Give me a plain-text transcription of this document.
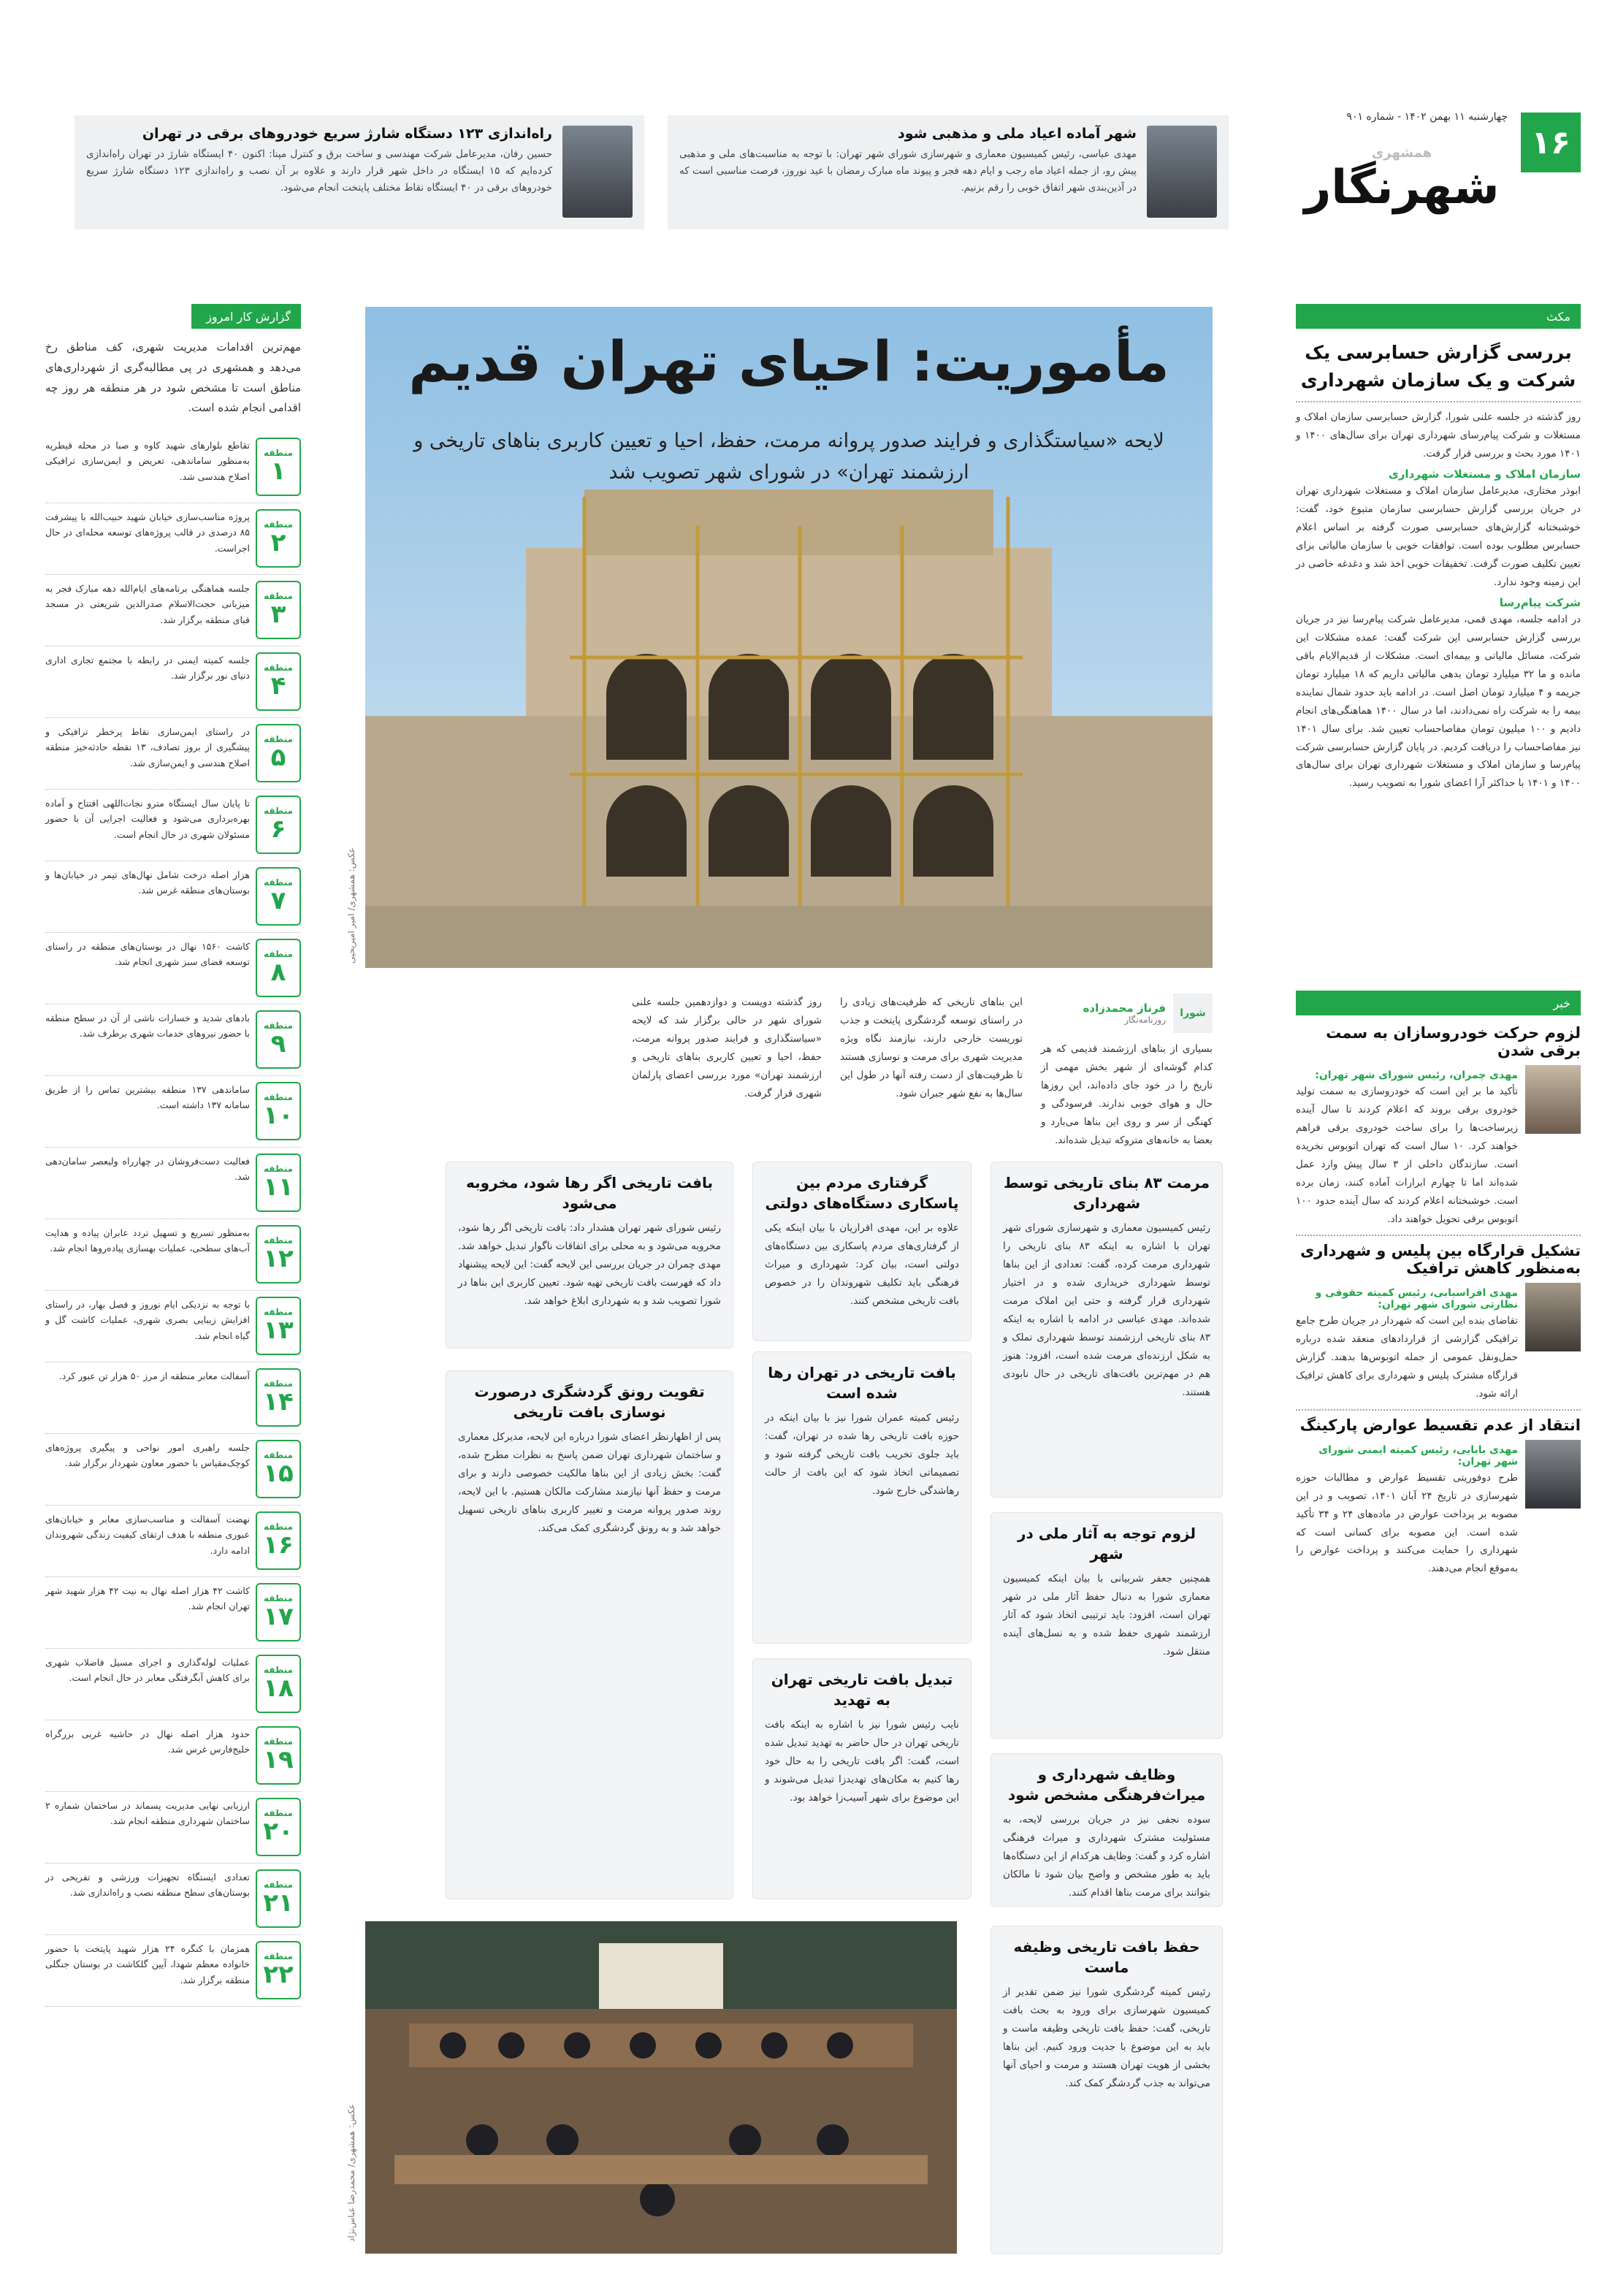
۱۶
چهارشنبه ۱۱ بهمن ۱۴۰۲ - شماره ۹۰۱
همشهری
شهرنگار
شهر آماده اعیاد ملی و مذهبی شود

مهدی عباسی، رئیس کمیسیون معماری و شهرسازی شورای شهر تهران: با توجه به مناسبت‌های ملی و مذهبی پیش رو، از جمله اعیاد ماه رجب و ایام دهه فجر و پیوند ماه مبارک رمضان با عید نوروز، فرصت مناسبی است که در آذین‌بندی شهر اتفاق خوبی را رقم بزنیم.

راه‌اندازی ۱۲۳ دستگاه شارژ سریع خودروهای برقی در تهران

حسین رفان، مدیرعامل شرکت مهندسی و ساخت برق و کنترل مپنا: اکنون ۴۰ ایستگاه شارژ در تهران راه‌اندازی کرده‌ایم که ۱۵ ایستگاه در داخل شهر قرار دارند و علاوه بر آن نصب و راه‌اندازی ۱۲۳ دستگاه شارژ سریع خودروهای برقی در ۴۰ ایستگاه نقاط مختلف پایتخت انجام می‌شود.

مکث
بررسی گزارش حسابرسی یک شرکت و یک سازمان شهرداری

روز گذشته در جلسه علنی شورا، گزارش حسابرسی سازمان املاک و مستغلات و شرکت پیام‌رسای شهرداری تهران برای سال‌های ۱۴۰۰ و ۱۴۰۱ مورد بحث و بررسی قرار گرفت.

سازمان املاک و مستغلات شهرداری

ابوذر مختاری، مدیرعامل سازمان املاک و مستغلات شهرداری تهران در جریان بررسی گزارش حسابرسی سازمان متبوع خود، گفت: خوشبختانه گزارش‌های حسابرسی صورت گرفته بر اساس اعلام حسابرس مطلوب بوده است. توافقات خوبی با سازمان مالیاتی برای تعیین تکلیف صورت گرفت. تخفیفات خوبی اخذ شد و دغدغه خاصی در این زمینه وجود ندارد.

شرکت پیام‌رسا

در ادامه جلسه، مهدی قمی، مدیرعامل شرکت پیام‌رسا نیز در جریان بررسی گزارش حسابرسی این شرکت گفت: عمده مشکلات این شرکت، مسائل مالیاتی و بیمه‌ای است. مشکلات از قدیم‌الایام باقی مانده و ما ۳۲ میلیارد تومان بدهی مالیاتی داریم که ۱۸ میلیارد تومان جریمه و ۴ میلیارد تومان اصل است. در ادامه باید حدود شمال نماینده بیمه را به شرکت راه نمی‌دادند، اما در سال ۱۴۰۰ هماهنگی‌های انجام دادیم و ۱۰۰ میلیون تومان مفاصاحساب تعیین شد. برای سال ۱۴۰۱ نیز مفاصاحساب را دریافت کردیم. در پایان گزارش حسابرسی شرکت پیام‌رسا و سازمان املاک و مستغلات شهرداری تهران برای سال‌های ۱۴۰۰ و ۱۴۰۱ با حداکثر آرا اعضای شورا به تصویب رسید.

خبر
لزوم حرکت خودروسازان به سمت برقی شدن
مهدی چمران، رئیس شورای شهر تهران:

تأکید ما بر این است که خودروسازی به سمت تولید خودروی برقی بروند که اعلام کردند تا سال آینده زیرساخت‌ها را برای ساخت خودروی برقی فراهم خواهند کرد. ۱۰ سال است که تهران اتوبوس نخریده است. سازندگان داخلی از ۳ سال پیش وارد عمل شده‌اند اما تا چهارم ابرارات آماده کنند، زمان برده است. خوشبختانه اعلام کردند که سال آینده حدود ۱۰۰ اتوبوس برقی تحویل خواهند داد.

تشکیل قرارگاه بین پلیس و شهرداری به‌منظور کاهش ترافیک
مهدی افراسیابی، رئیس کمیته حقوقی و نظارتی شورای شهر تهران:

تقاضای بنده این است که شهردار در جریان طرح جامع ترافیکی گزارشی از قرارداد‌های منعقد شده درباره حمل‌ونقل عمومی از جمله اتوبوس‌ها بدهند. گزارش قرارگاه مشترک پلیس و شهرداری برای کاهش ترافیک ارائه شود.

انتقاد از عدم تقسیط عوارض پارکینگ
مهدی بابایی، رئیس کمیته ایمنی شورای شهر تهران:

طرح دوفوریتی تقسیط عوارض و مطالبات حوزه شهرسازی در تاریخ ۲۴ آبان ۱۴۰۱، تصویب و در این مصوبه بر پرداخت عوارض در ماده‌های ۲۴ و ۳۴ تأکید شده است. این مصوبه برای کسانی است که شهرداری را حمایت می‌کنند و پرداخت عوارض را به‌موقع انجام می‌دهند.

مأموریت: احیای تهران قدیم
لایحه «سیاستگذاری و فرایند صدور پروانه مرمت، حفظ، احیا و تعیین کاربری بناهای تاریخی و ارزشمند تهران» در شورای شهر تصویب شد
عکس: همشهری/ امیر امیریحیی
شورا
فرناز محمدزاده
روزنامه‌نگار

بسیاری از بناهای ارزشمند قدیمی که هر کدام گوشه‌ای از شهر بخش مهمی از تاریخ را در خود جای داده‌اند، این روزها حال و هوای خوبی ندارند. فرسودگی و کهنگی از سر و روی این بناها می‌بارد و بعضا به خانه‌های متروکه تبدیل شده‌اند.

این بناهای تاریخی که ظرفیت‌های زیادی را در راستای توسعه گردشگری پایتخت و جذب توریست خارجی دارند، نیازمند نگاه ویژه مدیریت شهری برای مرمت و نوسازی هستند تا ظرفیت‌های از دست رفته آنها در طول این سال‌ها به نفع شهر جبران شود.

روز گذشته دویست و دوازدهمین جلسه علنی شورای شهر در حالی برگزار شد که لایحه «سیاستگذاری و فرایند صدور پروانه مرمت، حفظ، احیا و تعیین کاربری بناهای تاریخی و ارزشمند تهران» مورد بررسی اعضای پارلمان شهری قرار گرفت.

مرمت ۸۳ بنای تاریخی توسط شهرداری

رئیس کمیسیون معماری و شهرسازی شورای شهر تهران با اشاره به اینکه ۸۳ بنای تاریخی را شهرداری مرمت کرده، گفت: تعدادی از این بناها توسط شهرداری خریداری شده و در اختیار شهرداری قرار گرفته و حتی این املاک مرمت شده‌اند. مهدی عباسی در ادامه با اشاره به اینکه ۸۳ بنای تاریخی ارزشمند توسط شهرداری تملک و به شکل ارزنده‌ای مرمت شده است، افزود: هنوز هم در مهم‌ترین بافت‌های تاریخی در حال نابودی هستند.

گرفتاری مردم بین پاسکاری دستگاه‌های دولتی

علاوه بر این، مهدی اقراریان با بیان اینکه یکی از گرفتاری‌های مردم پاسکاری بین دستگاه‌های دولتی است، بیان کرد: شهرداری و میراث فرهنگی باید تکلیف شهروندان را در خصوص بافت تاریخی مشخص کنند.

بافت تاریخی اگر رها شود، مخروبه می‌شود

رئیس شورای شهر تهران هشدار داد: بافت تاریخی اگر رها شود، مخروبه می‌شود و به محلی برای اتفاقات ناگوار تبدیل خواهد شد. مهدی چمران در جریان بررسی این لایحه گفت: این لایحه پیشنهاد داد که فهرست بافت تاریخی تهیه شود. تعیین کاربری این بناها در شورا تصویب شد و به شهرداری ابلاغ خواهد شد.

تقویت رونق گردشگری درصورت نوسازی بافت تاریخی

پس از اظهارنظر اعضای شورا درباره این لایحه، مدیرکل معماری و ساختمان شهرداری تهران ضمن پاسخ به نظرات مطرح شده، گفت: بخش زیادی از این بناها مالکیت خصوصی دارند و برای مرمت و حفظ آنها نیازمند مشارکت مالکان هستیم. با این لایحه، روند صدور پروانه مرمت و تغییر کاربری بناهای تاریخی تسهیل خواهد شد و به رونق گردشگری کمک می‌کند.

بافت تاریخی در تهران رها شده است

رئیس کمیته عمران شورا نیز با بیان اینکه در حوزه بافت تاریخی رها شده در تهران، گفت: باید جلوی تخریب بافت تاریخی گرفته شود و تصمیماتی اتخاذ شود که این بافت از حالت رهاشدگی خارج شود.

لزوم توجه به آثار ملی در شهر

همچنین جعفر شربیانی با بیان اینکه کمیسیون معماری شورا به دنبال حفظ آثار ملی در شهر تهران است، افزود: باید ترتیبی اتخاذ شود که آثار ارزشمند شهری حفظ شده و به نسل‌های آینده منتقل شود.

تبدیل بافت تاریخی تهران به تهدید

نایب رئیس شورا نیز با اشاره به اینکه بافت تاریخی تهران در حال حاضر به تهدید تبدیل شده است، گفت: اگر بافت تاریخی را به حال خود رها کنیم به مکان‌های تهدیدزا تبدیل می‌شوند و این موضوع برای شهر آسیب‌زا خواهد بود.

وظایف شهرداری و میراث‌فرهنگی مشخص شود

سوده نجفی نیز در جریان بررسی لایحه، به مسئولیت مشترک شهرداری و میراث فرهنگی اشاره کرد و گفت: وظایف هرکدام از این دستگاه‌ها باید به طور مشخص و واضح بیان شود تا مالکان بتوانند برای مرمت بناها اقدام کنند.

حفظ بافت تاریخی وظیفه ماست

رئیس کمیته گردشگری شورا نیز ضمن تقدیر از کمیسیون شهرسازی برای ورود به بحث بافت تاریخی، گفت: حفظ بافت تاریخی وظیفه ماست و باید به این موضوع با جدیت ورود کنیم. این بناها بخشی از هویت تهران هستند و مرمت و احیای آنها می‌تواند به جذب گردشگر کمک کند.

عکس: همشهری/ محمدرضا عباس‌نژاد
گزارش کار امروز

مهم‌ترین اقدامات مدیریت شهری، کف مناطق رخ می‌دهد و همشهری در پی مطالبه‌گری از شهرداری‌های مناطق است تا مشخص شود در هر منطقه هر روز چه اقدامی انجام شده است.

منطقه
۱

تقاطع بلوارهای شهید کاوه و صبا در محله قیطریه به‌منظور ساماندهی، تعریض و ایمن‌سازی ترافیکی اصلاح هندسی شد.

منطقه
۲

پروژه مناسب‌سازی خیابان شهید حبیب‌الله با پیشرفت ۸۵ درصدی در قالب پروژه‌های توسعه محله‌ای در حال اجراست.

منطقه
۳

جلسه هماهنگی برنامه‌های ایام‌الله دهه مبارک فجر به میزبانی حجت‌الاسلام صدرالدین شریعتی در مسجد قبای منطقه برگزار شد.

منطقه
۴

جلسه کمیته ایمنی در رابطه با مجتمع تجاری اداری دنیای نور برگزار شد.

منطقه
۵

در راستای ایمن‌سازی نقاط پرخطر ترافیکی و پیشگیری از بروز تصادف، ۱۳ نقطه حادثه‌خیز منطقه اصلاح هندسی و ایمن‌سازی شد.

منطقه
۶

تا پایان سال ایستگاه مترو نجات‌اللهی افتتاح و آماده بهره‌برداری می‌شود و فعالیت اجرایی آن با حضور مسئولان شهری در حال انجام است.

منطقه
۷

هزار اصله درخت شامل نهال‌های تیمر در خیابان‌ها و بوستان‌های منطقه غرس شد.

منطقه
۸

کاشت ۱۵۶۰ نهال در بوستان‌های منطقه در راستای توسعه فضای سبز شهری انجام شد.

منطقه
۹

بادهای شدید و خسارات ناشی از آن در سطح منطقه با حضور نیروهای خدمات شهری برطرف شد.

منطقه
۱۰

ساماندهی ۱۳۷ منطقه بیشترین تماس را از طریق سامانه ۱۳۷ داشته است.

منطقه
۱۱

فعالیت دست‌فروشان در چهارراه ولیعصر سامان‌دهی شد.

منطقه
۱۲

به‌منظور تسریع و تسهیل تردد عابران پیاده و هدایت آب‌های سطحی، عملیات بهسازی پیاده‌روها انجام شد.

منطقه
۱۳

با توجه به نزدیکی ایام نوروز و فصل بهار، در راستای افزایش زیبایی بصری شهری، عملیات کاشت گل و گیاه انجام شد.

منطقه
۱۴

آسفالت معابر منطقه از مرز ۵۰ هزار تن عبور کرد.

منطقه
۱۵

جلسه راهبری امور نواحی و پیگیری پروژه‌های کوچک‌مقیاس با حضور معاون شهردار برگزار شد.

منطقه
۱۶

نهضت آسفالت و مناسب‌سازی معابر و خیابان‌های عبوری منطقه با هدف ارتقای کیفیت زندگی شهروندان ادامه دارد.

منطقه
۱۷

کاشت ۴۲ هزار اصله نهال به‌ نیت ۴۲ هزار شهید شهر تهران انجام شد.

منطقه
۱۸

عملیات لوله‌گذاری و اجرای مسیل فاضلاب شهری برای کاهش آبگرفتگی معابر در حال انجام است.

منطقه
۱۹

حدود هزار اصله نهال در حاشیه غربی بزرگراه خلیج‌فارس غرس شد.

منطقه
۲۰

ارزیابی نهایی مدیریت پسماند در ساختمان شماره ۲ ساختمان شهرداری منطقه انجام شد.

منطقه
۲۱

تعدادی ایستگاه تجهیزات ورزشی و تفریحی در بوستان‌های سطح منطقه نصب و راه‌اندازی شد.

منطقه
۲۲

همزمان با کنگره ۲۴ هزار شهید پایتخت با حضور خانواده معظم شهدا، آیین گلکاشت در بوستان جنگلی منطقه برگزار شد.
